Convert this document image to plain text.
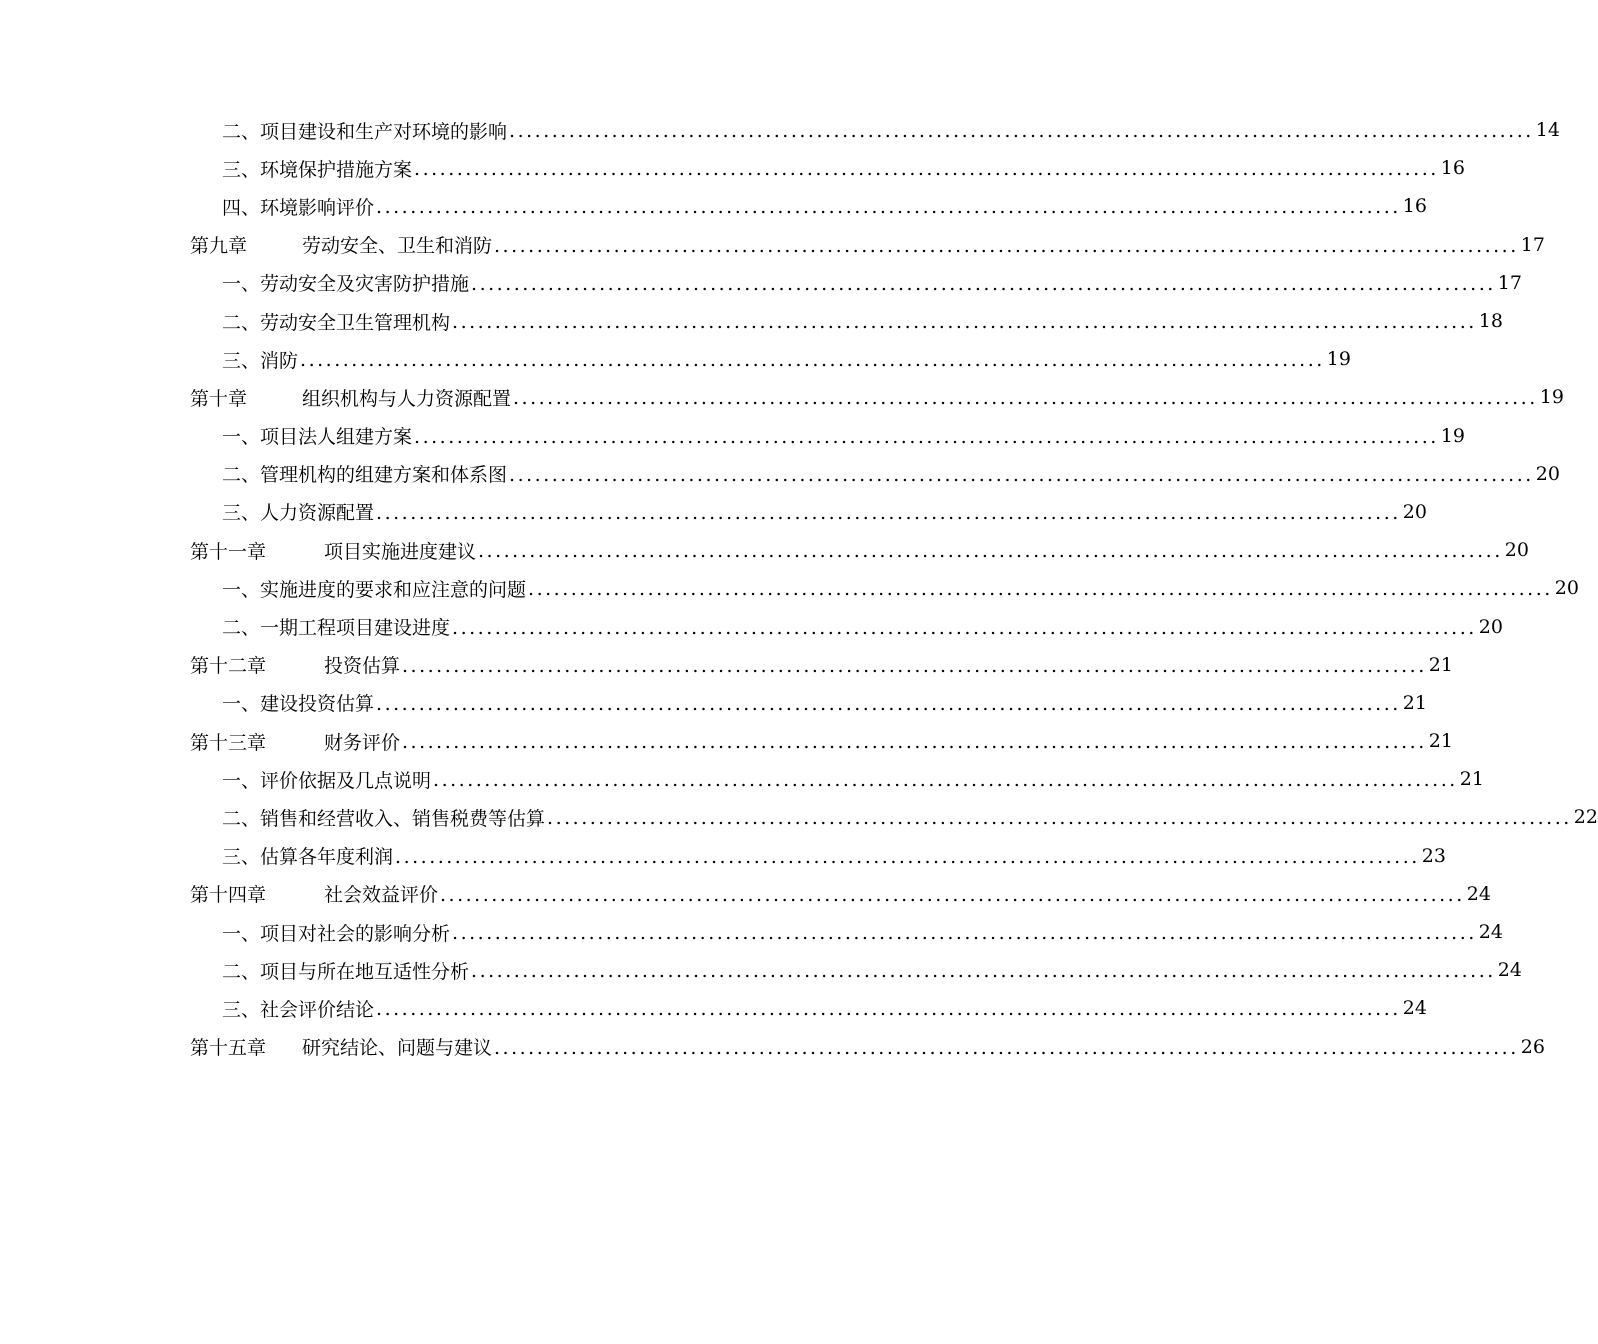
二、 项目建设和生产对环境的影响 ........................................................................................................................ 14
三、 环境保护措施方案 ........................................................................................................................ 16
四、 环境影响评价 ........................................................................................................................ 16
第九章	劳动安全、卫生和消防 ........................................................................................................................ 17
一、 劳动安全及灾害防护措施 ........................................................................................................................ 17
二、 劳动安全卫生管理机构 ........................................................................................................................ 18
三、 消防 ........................................................................................................................ 19
第十章	组织机构与人力资源配置 ........................................................................................................................ 19
一、 项目法人组建方案 ........................................................................................................................ 19
二、 管理机构的组建方案和体系图 ........................................................................................................................ 20
三、 人力资源配置 ........................................................................................................................ 20
第十一章	项目实施进度建议 ........................................................................................................................ 20
一、 实施进度的要求和应注意的问题 ........................................................................................................................ 20
二、 一期工程项目建设进度 ........................................................................................................................ 20
第十二章	投资估算 ........................................................................................................................ 21
一、 建设投资估算 ........................................................................................................................ 21
第十三章	财务评价 ........................................................................................................................ 21
一、 评价依据及几点说明 ........................................................................................................................ 21
二、 销售和经营收入、销售税费等估算 ........................................................................................................................ 22
三、 估算各年度利润 ........................................................................................................................ 23
第十四章	社会效益评价 ........................................................................................................................ 24
一、 项目对社会的影响分析 ........................................................................................................................ 24
二、 项目与所在地互适性分析 ........................................................................................................................ 24
三、 社会评价结论 ........................................................................................................................ 24
第十五章	研究结论、问题与建议 ........................................................................................................................ 26
